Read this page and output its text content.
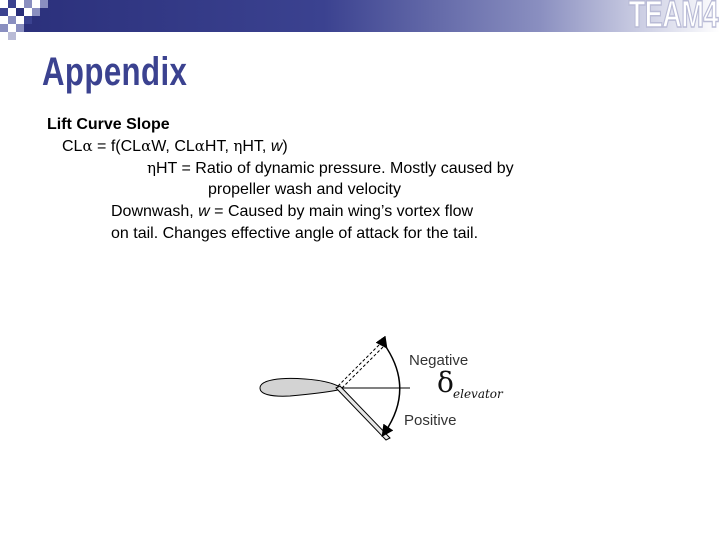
TEAM4
Appendix
Lift Curve Slope
CLα = f(CLαW, CLαHT, ηHT, w)
ηHT = Ratio of dynamic pressure. Mostly caused by
propeller wash and velocity
Downwash, w = Caused by main wing’s vortex flow
on tail. Changes effective angle of attack for the tail.
Negative
Positive
δ elevator
